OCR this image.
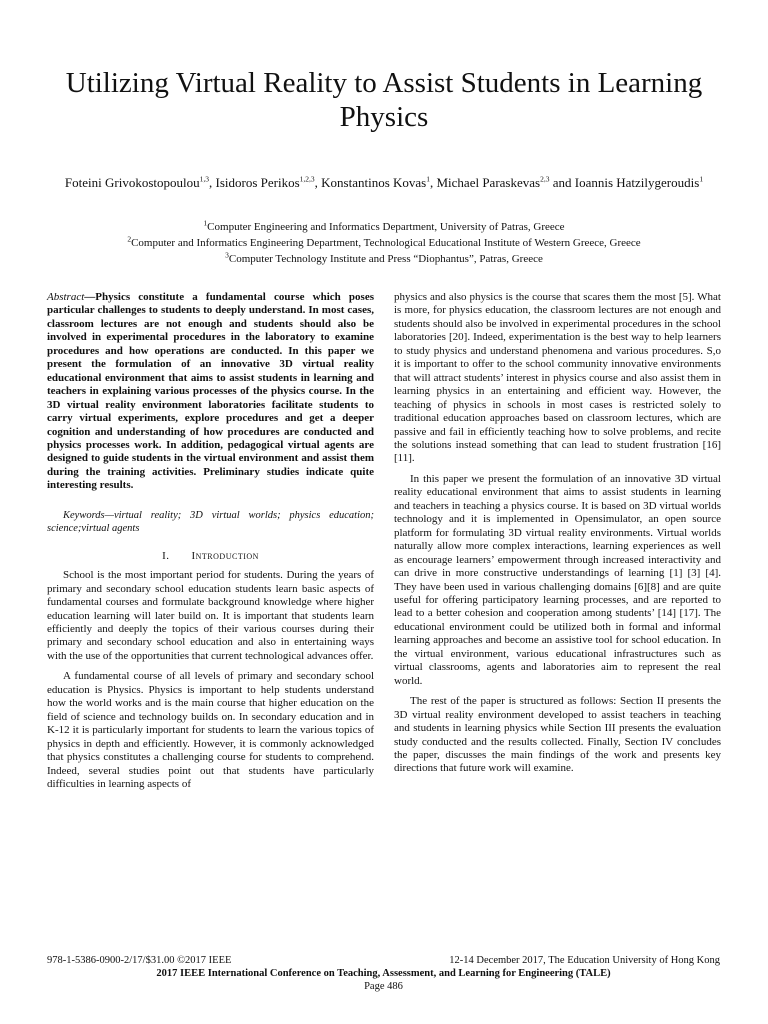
Utilizing Virtual Reality to Assist Students in Learning Physics
Foteini Grivokostopoulou$^{1,3}$, Isidoros Perikos$^{1,2,3}$, Konstantinos Kovas$^1$, Michael Paraskevas$^{2,3}$ and Ioannis Hatzilygeroudis$^1$
$^1$Computer Engineering and Informatics Department, University of Patras, Greece
$^2$Computer and Informatics Engineering Department, Technological Educational Institute of Western Greece, Greece
$^3$Computer Technology Institute and Press “Diophantus”, Patras, Greece

Abstract—Physics constitute a fundamental course which poses particular challenges to students to deeply understand. In most cases, classroom lectures are not enough and students should also be involved in experimental procedures in the laboratory to examine procedures and how operations are conducted. In this paper we present the formulation of an innovative 3D virtual reality educational environment that aims to assist students in learning and teachers in explaining various processes of the physics course. In the 3D virtual reality environment laboratories facilitate students to carry virtual experiments, explore procedures and get a deeper cognition and understanding of how procedures are conducted and physics processes work. In addition, pedagogical virtual agents are designed to guide students in the virtual environment and assist them during the training activities. Preliminary studies indicate quite interesting results.

Keywords—virtual reality; 3D virtual worlds; physics education; science;virtual agents

I. Introduction

School is the most important period for students. During the years of primary and secondary school education students learn basic aspects of fundamental courses and formulate background knowledge where higher education learning will later build on. It is important that students learn efficiently and deeply the topics of their various courses during their primary and secondary school education and also in entertaining ways with the use of the opportunities that current technological advances offer.

A fundamental course of all levels of primary and secondary school education is Physics. Physics is important to help students understand how the world works and is the main course that higher education on the field of science and technology builds on. In secondary education and in K-12 it is particularly important for students to learn the various topics of physics in depth and efficiently. However, it is commonly acknowledged that physics constitutes a challenging course for students to comprehend. Indeed, several studies point out that students have particularly difficulties in learning aspects of

physics and also physics is the course that scares them the most [5]. What is more, for physics education, the classroom lectures are not enough and students should also be involved in experimental procedures in the school laboratories [20]. Indeed, experimentation is the best way to help learners to study physics and understand phenomena and various procedures. S,o it is important to offer to the school community innovative environments that will attract students’ interest in physics course and also assist them in learning physics in an entertaining and efficient way. However, the teaching of physics in schools in most cases is restricted solely to traditional education approaches based on classroom lectures, which are passive and fail in efficiently teaching how to solve problems, and recite the solutions instead something that can lead to student frustration [16][11].

In this paper we present the formulation of an innovative 3D virtual reality educational environment that aims to assist students in learning and teachers in teaching a physics course. It is based on 3D virtual worlds technology and it is implemented in Opensimulator, an open source platform for formulating 3D virtual reality environments. Virtual worlds naturally allow more complex interactions, learning experiences as well as encourage learners’ empowerment through increased interactivity and can drive in more constructive understandings of learning [1] [3] [4]. They have been used in various challenging domains [6][8] and are quite useful for offering participatory learning processes, and are reported to lead to a better cohesion and cooperation among students’ [14] [17]. The educational environment could be utilized both in formal and informal learning approaches and become an assistive tool for school education. In the virtual environment, various educational infrastructures such as virtual classrooms, agents and laboratories aim to represent the real world.

The rest of the paper is structured as follows: Section II presents the 3D virtual reality environment developed to assist teachers in teaching and students in learning physics while Section III presents the evaluation study conducted and the results collected. Finally, Section IV concludes the paper, discusses the main findings of the work and presents key directions that future work will examine.

978-1-5386-0900-2/17/$31.00 ©2017 IEEE	12-14 December 2017, The Education University of Hong Kong
2017 IEEE International Conference on Teaching, Assessment, and Learning for Engineering (TALE)
Page 486
